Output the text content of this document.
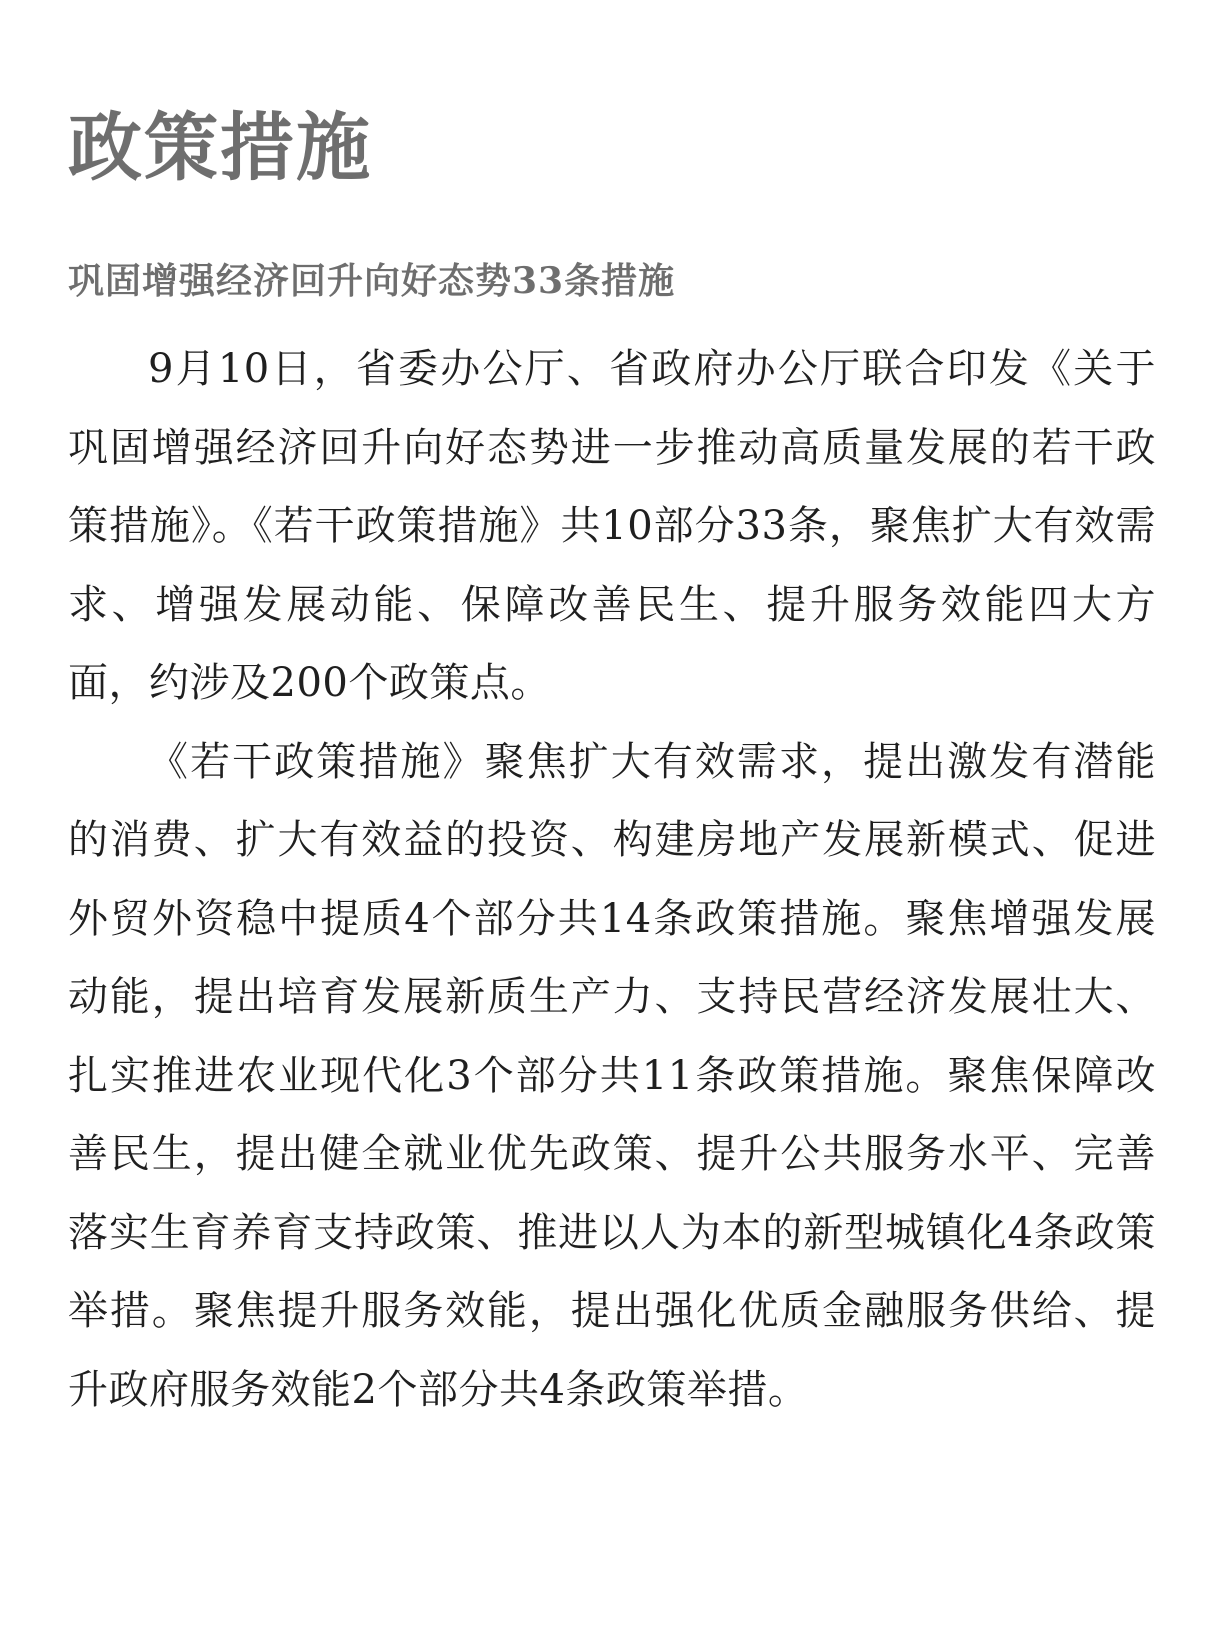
政策措施
巩固增强经济回升向好态势33条措施

9月10日，省委办公厅、省政府办公厅联合印发《关于巩固增强经济回升向好态势进一步推动高质量发展的若干政策措施》。《若干政策措施》共10部分33条，聚焦扩大有效需求、增强发展动能、保障改善民生、提升服务效能四大方面，约涉及200个政策点。

《若干政策措施》聚焦扩大有效需求，提出激发有潜能的消费、扩大有效益的投资、构建房地产发展新模式、促进外贸外资稳中提质4个部分共14条政策措施。聚焦增强发展动能，提出培育发展新质生产力、支持民营经济发展壮大、扎实推进农业现代化3个部分共11条政策措施。聚焦保障改善民生，提出健全就业优先政策、提升公共服务水平、完善落实生育养育支持政策、推进以人为本的新型城镇化4条政策举措。聚焦提升服务效能，提出强化优质金融服务供给、提升政府服务效能2个部分共4条政策举措。
